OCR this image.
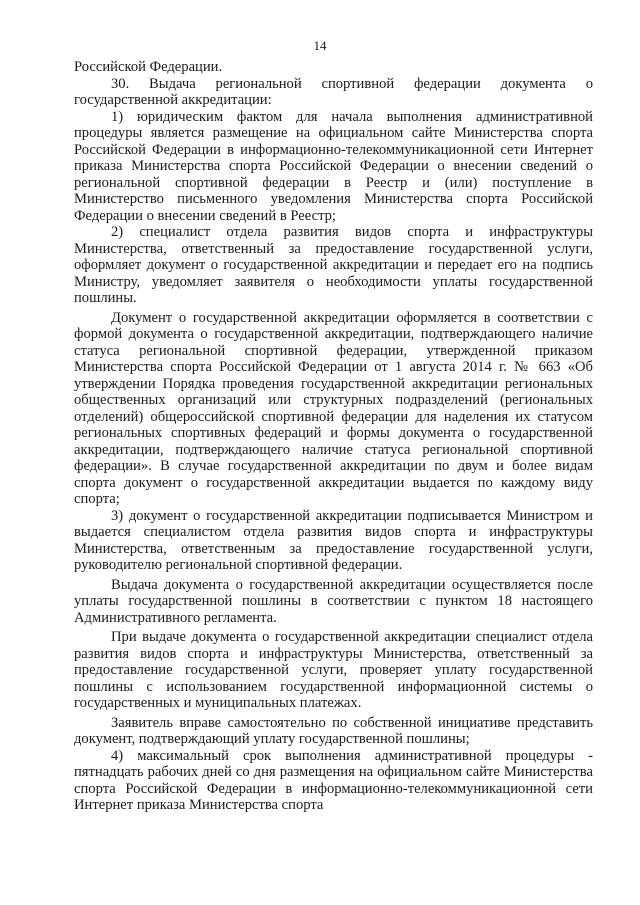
14

Российской Федерации.

30. Выдача региональной спортивной федерации документа о государственной аккредитации:

1) юридическим фактом для начала выполнения административной процедуры является размещение на официальном сайте Министерства спорта Российской Федерации в информационно-телекоммуникационной сети Интернет приказа Министерства спорта Российской Федерации о внесении сведений о региональной спортивной федерации в Реестр и (или) поступление в Министерство письменного уведомления Министерства спорта Российской Федерации о внесении сведений в Реестр;

2) специалист отдела развития видов спорта и инфраструктуры Министерства, ответственный за предоставление государственной услуги, оформляет документ о государственной аккредитации и передает его на подпись Министру, уведомляет заявителя о необходимости уплаты государственной пошлины.

Документ о государственной аккредитации оформляется в соответствии с формой документа о государственной аккредитации, подтверждающего наличие статуса региональной спортивной федерации, утвержденной приказом Министерства спорта Российской Федерации от 1 августа 2014 г. № 663 «Об утверждении Порядка проведения государственной аккредитации региональных общественных организаций или структурных подразделений (региональных отделений) общероссийской спортивной федерации для наделения их статусом региональных спортивных федераций и формы документа о государственной аккредитации, подтверждающего наличие статуса региональной спортивной федерации». В случае государственной аккредитации по двум и более видам спорта документ о государственной аккредитации выдается по каждому виду спорта;

3) документ о государственной аккредитации подписывается Министром и выдается специалистом отдела развития видов спорта и инфраструктуры Министерства, ответственным за предоставление государственной услуги, руководителю региональной спортивной федерации.

Выдача документа о государственной аккредитации осуществляется после уплаты государственной пошлины в соответствии с пунктом 18 настоящего Административного регламента.

При выдаче документа о государственной аккредитации специалист отдела развития видов спорта и инфраструктуры Министерства, ответственный за предоставление государственной услуги, проверяет уплату государственной пошлины с использованием государственной информационной системы о государственных и муниципальных платежах.

Заявитель вправе самостоятельно по собственной инициативе представить документ, подтверждающий уплату государственной пошлины;

4) максимальный срок выполнения административной процедуры - пятнадцать рабочих дней со дня размещения на официальном сайте Министерства спорта Российской Федерации в информационно-телекоммуникационной сети Интернет приказа Министерства спорта
